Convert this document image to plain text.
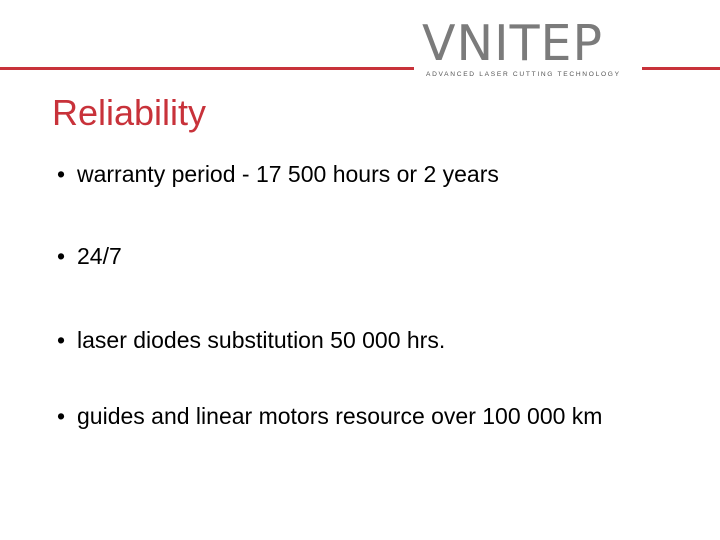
VNITEP
ADVANCED LASER CUTTING TECHNOLOGY
Reliability
• warranty period - 17 500 hours or 2 years
• 24/7
• laser diodes substitution 50 000 hrs.
• guides and linear motors resource over 100 000 km
